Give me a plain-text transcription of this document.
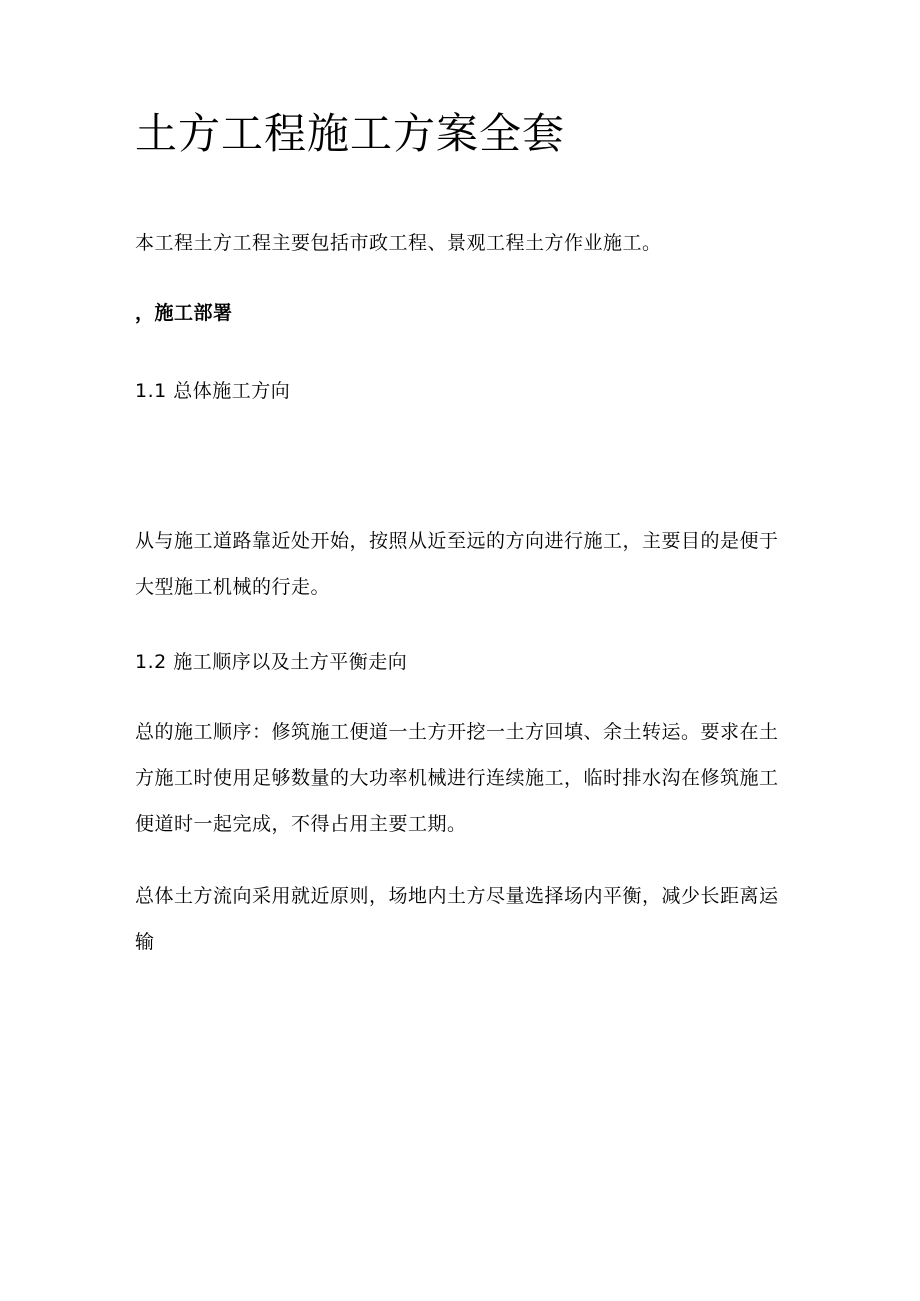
土方工程施工方案全套

本工程土方工程主要包括市政工程、景观工程土方作业施工。

，施工部署

1.1 总体施工方向

从与施工道路靠近处开始，按照从近至远的方向进行施工，主要目的是便于
大型施工机械的行走。

1.2 施工顺序以及土方平衡走向

总的施工顺序：修筑施工便道一土方开挖一土方回填、余土转运。要求在土
方施工时使用足够数量的大功率机械进行连续施工，临时排水沟在修筑施工
便道时一起完成，不得占用主要工期。
总体土方流向采用就近原则，场地内土方尽量选择场内平衡，减少长距离运
输
